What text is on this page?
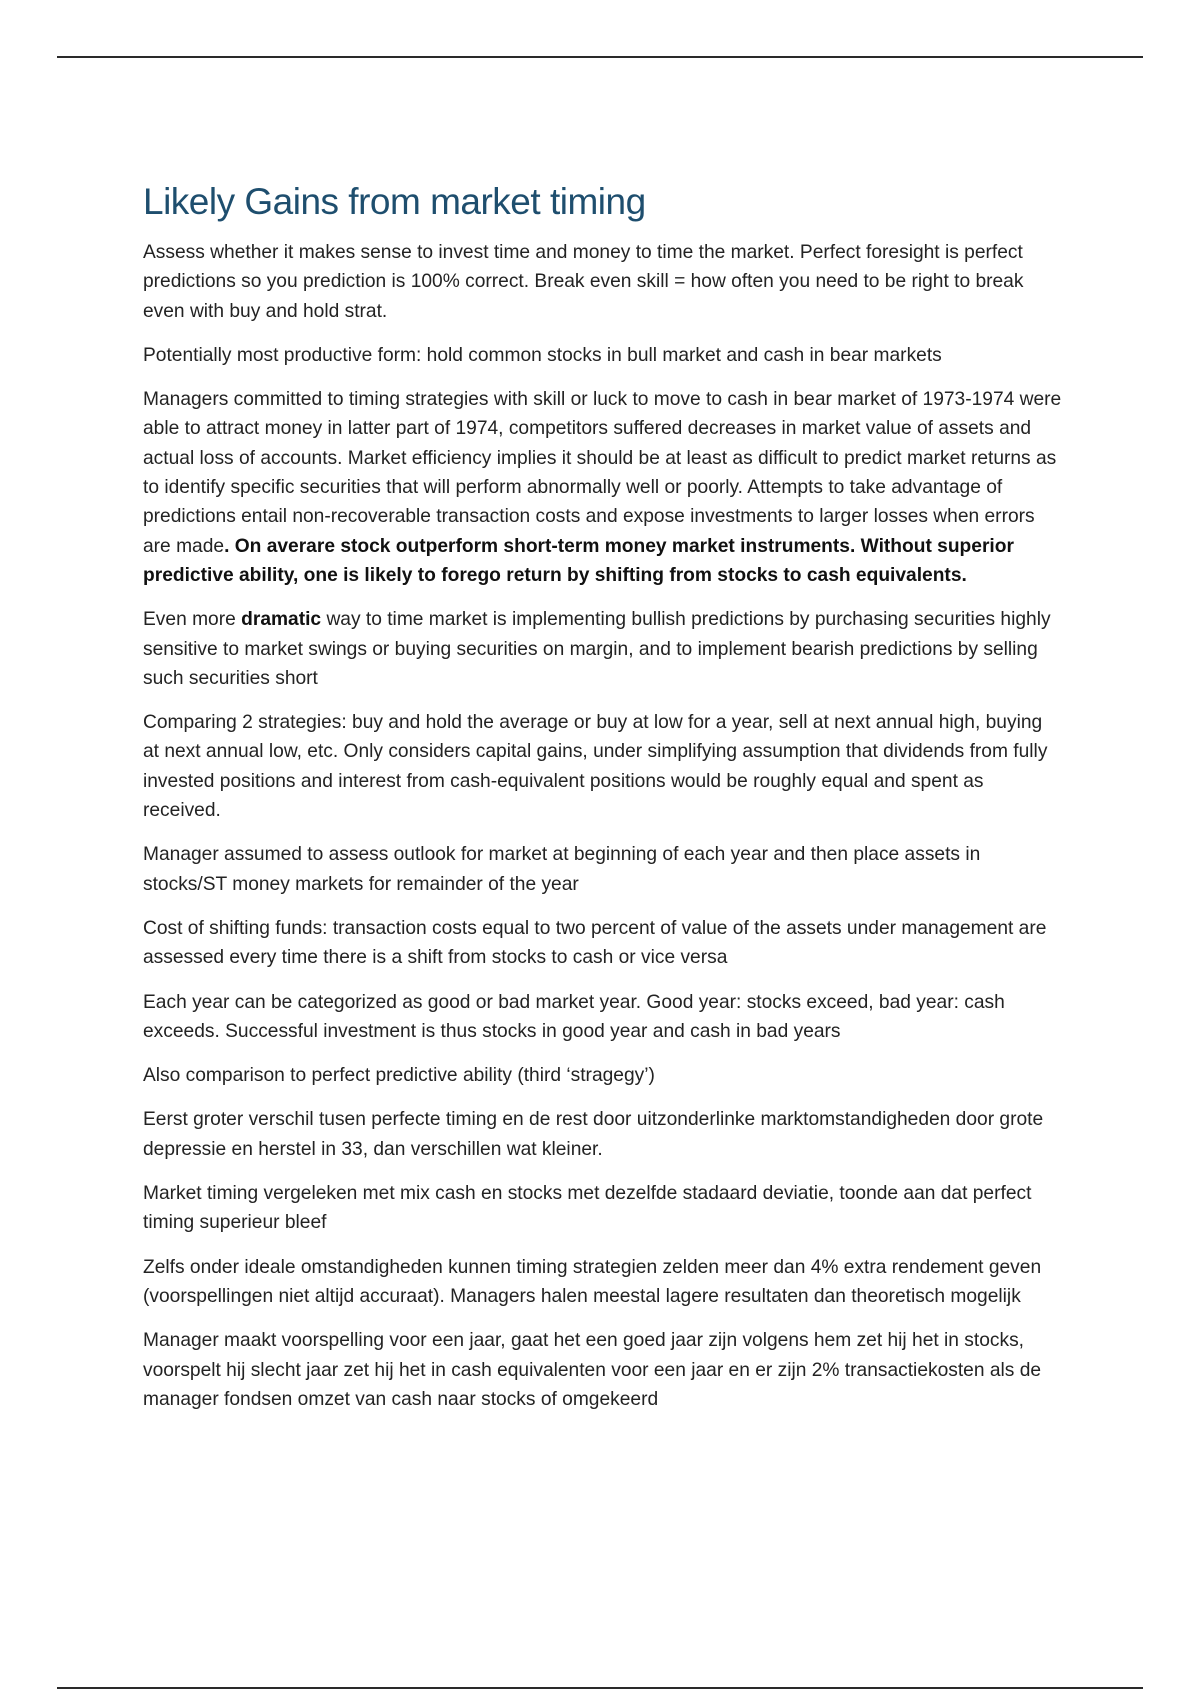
Likely Gains from market timing

Assess whether it makes sense to invest time and money to time the market. Perfect foresight is perfect predictions so you prediction is 100% correct. Break even skill = how often you need to be right to break even with buy and hold strat.

Potentially most productive form: hold common stocks in bull market and cash in bear markets

Managers committed to timing strategies with skill or luck to move to cash in bear market of 1973-1974 were able to attract money in latter part of 1974, competitors suffered decreases in market value of assets and actual loss of accounts. Market efficiency implies it should be at least as difficult to predict market returns as to identify specific securities that will perform abnormally well or poorly. Attempts to take advantage of predictions entail non-recoverable transaction costs and expose investments to larger losses when errors are made. On averare stock outperform short-term money market instruments. Without superior predictive ability, one is likely to forego return by shifting from stocks to cash equivalents.

Even more dramatic way to time market is implementing bullish predictions by purchasing securities highly sensitive to market swings or buying securities on margin, and to implement bearish predictions by selling such securities short

Comparing 2 strategies: buy and hold the average or buy at low for a year, sell at next annual high, buying at next annual low, etc. Only considers capital gains, under simplifying assumption that dividends from fully invested positions and interest from cash-equivalent positions would be roughly equal and spent as received.

Manager assumed to assess outlook for market at beginning of each year and then place assets in stocks/ST money markets for remainder of the year

Cost of shifting funds: transaction costs equal to two percent of value of the assets under management are assessed every time there is a shift from stocks to cash or vice versa

Each year can be categorized as good or bad market year. Good year: stocks exceed, bad year: cash exceeds. Successful investment is thus stocks in good year and cash in bad years

Also comparison to perfect predictive ability (third ‘stragegy’)

Eerst groter verschil tusen perfecte timing en de rest door uitzonderlinke marktomstandigheden door grote depressie en herstel in 33, dan verschillen wat kleiner.

Market timing vergeleken met mix cash en stocks met dezelfde stadaard deviatie, toonde aan dat perfect timing superieur bleef

Zelfs onder ideale omstandigheden kunnen timing strategien zelden meer dan 4% extra rendement geven (voorspellingen niet altijd accuraat). Managers halen meestal lagere resultaten dan theoretisch mogelijk

Manager maakt voorspelling voor een jaar, gaat het een goed jaar zijn volgens hem zet hij het in stocks, voorspelt hij slecht jaar zet hij het in cash equivalenten voor een jaar en er zijn 2% transactiekosten als de manager fondsen omzet van cash naar stocks of omgekeerd
